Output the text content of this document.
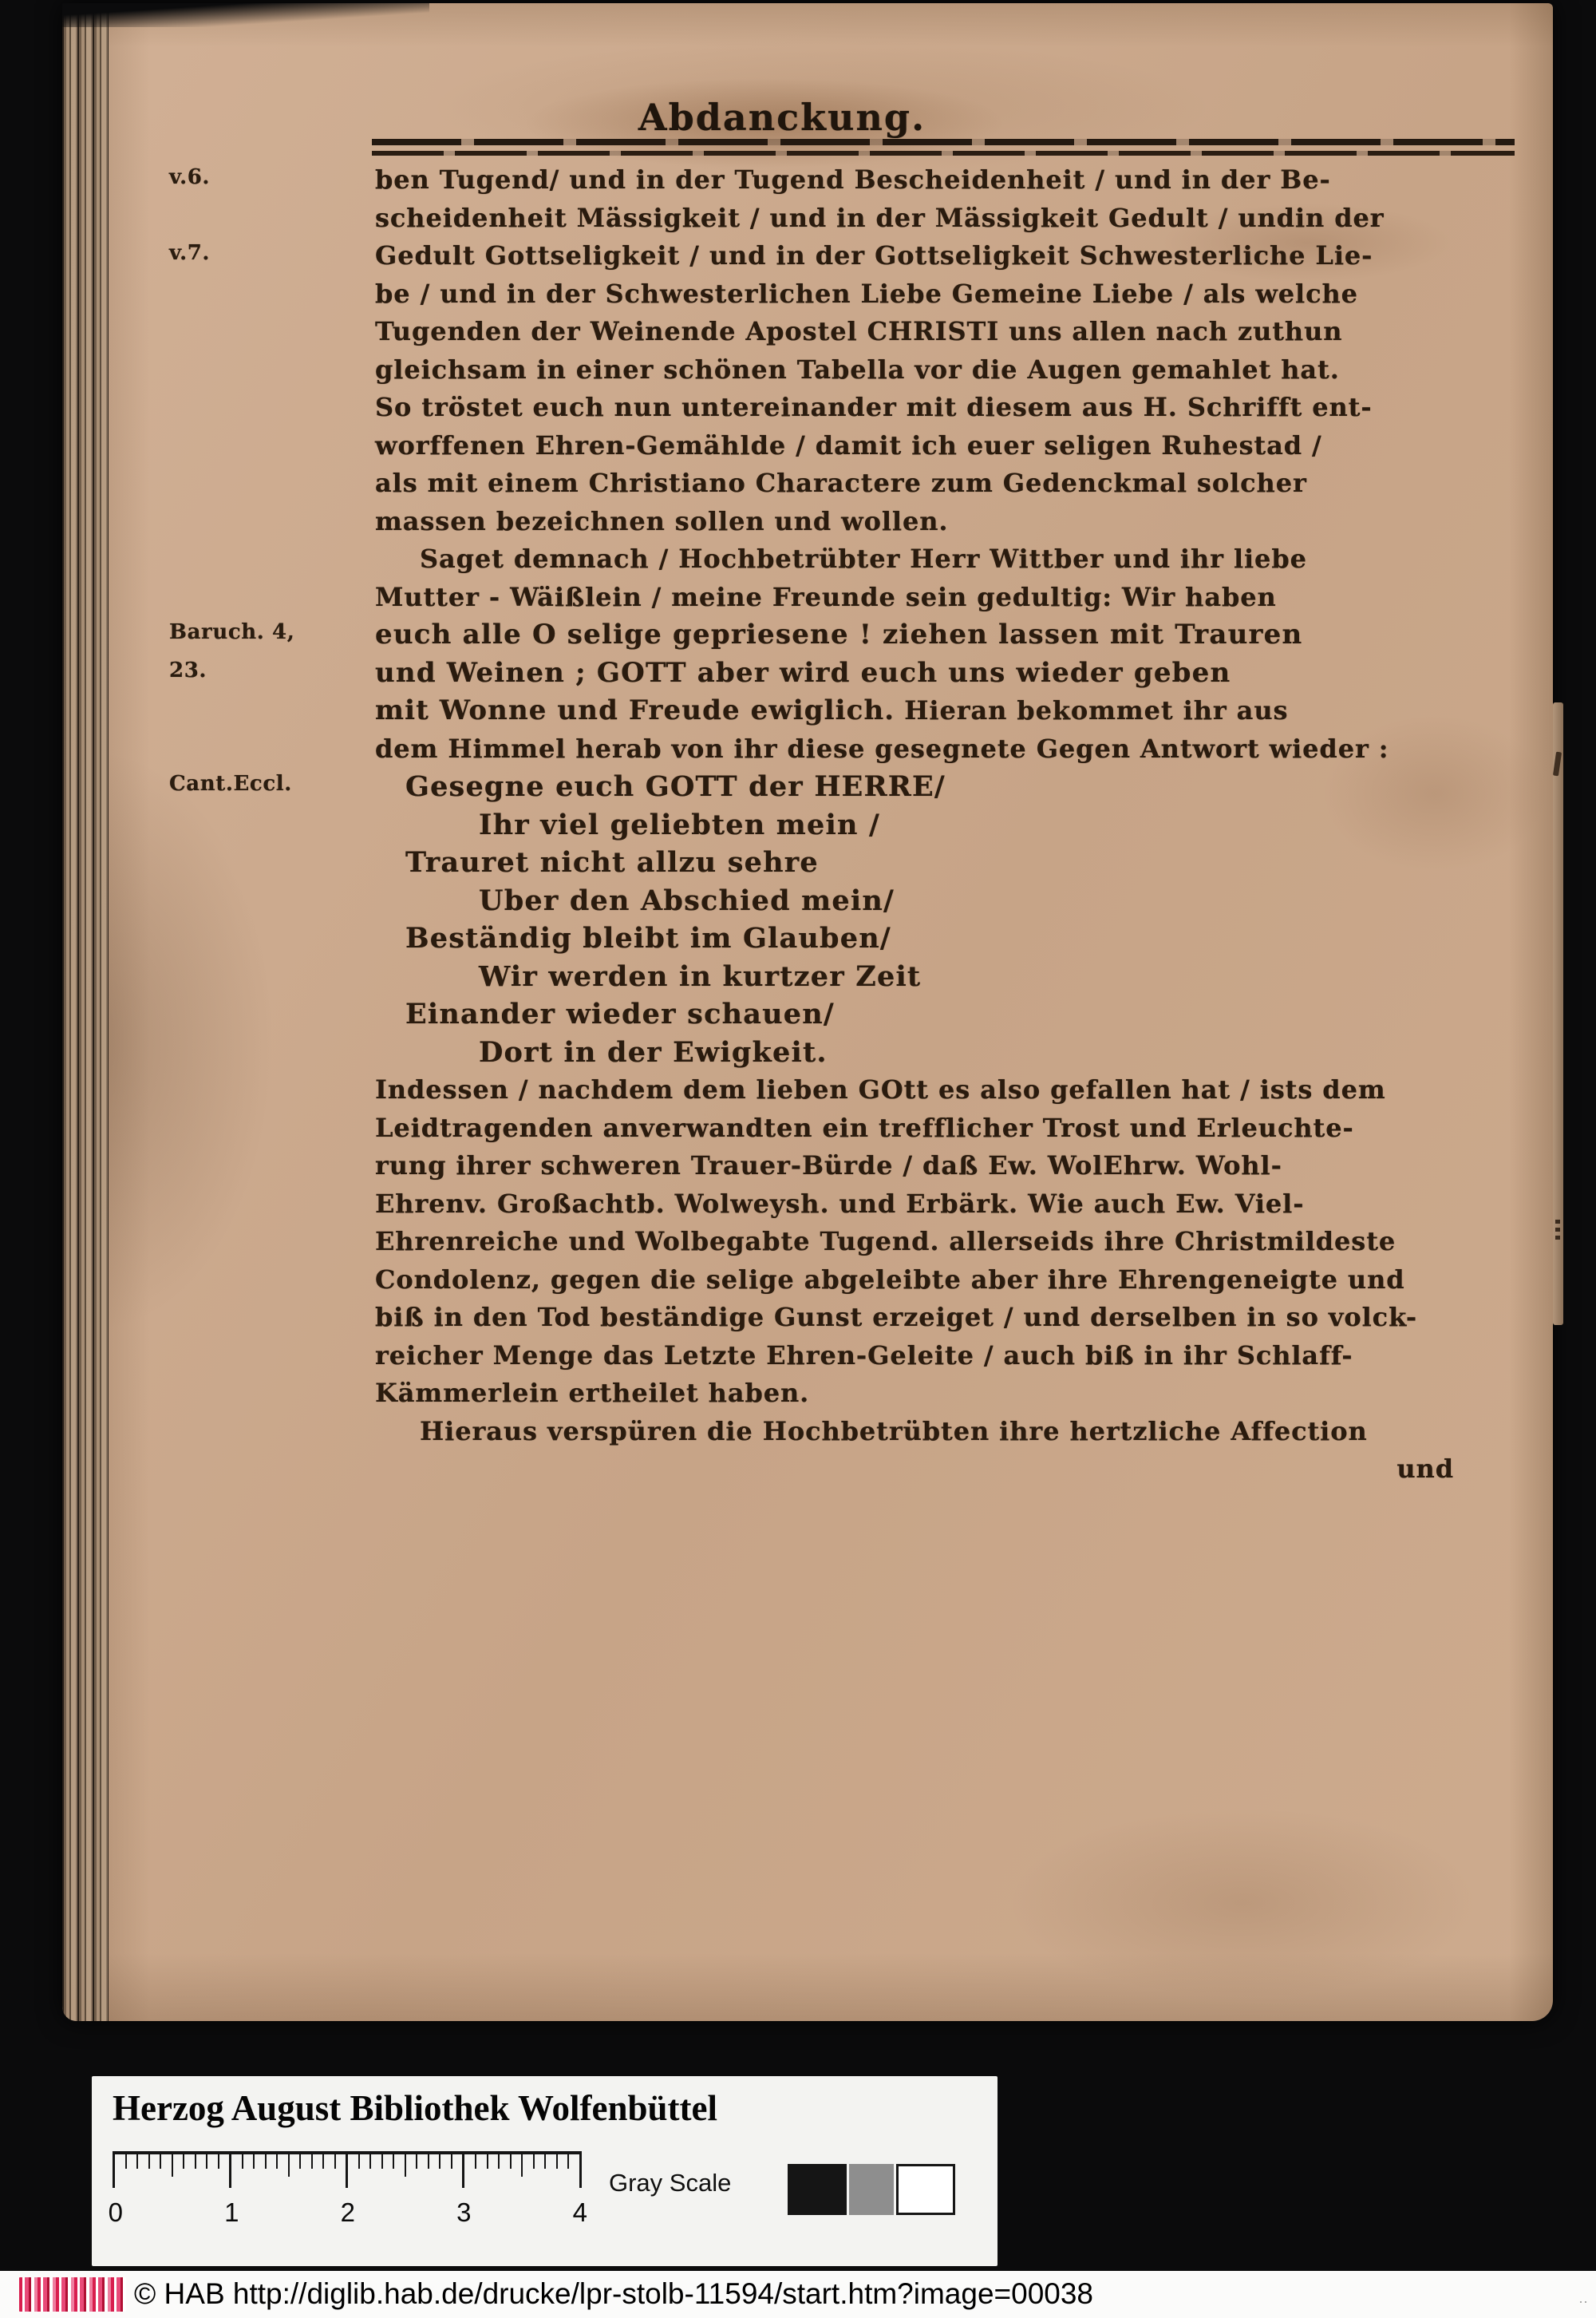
Abdanckung.
v.6.	ben Tugend/ und in der Tugend Bescheidenheit / und in der Be-
scheidenheit Mässigkeit / und in der Mässigkeit Gedult / undin der
v.7.	Gedult Gottseligkeit / und in der Gottseligkeit Schwesterliche Lie-
be / und in der Schwesterlichen Liebe Gemeine Liebe / als welche
Tugenden der Weinende Apostel CHRISTI uns allen nach zuthun
gleichsam in einer schönen Tabella vor die Augen gemahlet hat.
So tröstet euch nun untereinander mit diesem aus H. Schrifft ent-
worffenen Ehren-Gemählde / damit ich euer seligen Ruhestad /
als mit einem Christiano Charactere zum Gedenckmal solcher
massen bezeichnen sollen und wollen.
Saget demnach / Hochbetrübter Herr Wittber und ihr liebe
Mutter - Wäißlein / meine Freunde sein gedultig: Wir haben
Baruch. 4,	euch alle O selige gepriesene ! ziehen lassen mit Trauren
23.	und Weinen ; GOTT aber wird euch uns wieder geben
mit Wonne und Freude ewiglich. Hieran bekommet ihr aus
dem Himmel herab von ihr diese gesegnete Gegen Antwort wieder :
Cant.Eccl.	Gesegne euch GOTT der HERRE/
Ihr viel geliebten mein /
Trauret nicht allzu sehre
Uber den Abschied mein/
Beständig bleibt im Glauben/
Wir werden in kurtzer Zeit
Einander wieder schauen/
Dort in der Ewigkeit.
Indessen / nachdem dem lieben GOtt es also gefallen hat / ists dem
Leidtragenden anverwandten ein trefflicher Trost und Erleuchte-
rung ihrer schweren Trauer-Bürde / daß Ew. WolEhrw. Wohl-
Ehrenv. Großachtb. Wolweysh. und Erbärk. Wie auch Ew. Viel-
Ehrenreiche und Wolbegabte Tugend. allerseids ihre Christmildeste
Condolenz, gegen die selige abgeleibte aber ihre Ehrengeneigte und
biß in den Tod beständige Gunst erzeiget / und derselben in so volck-
reicher Menge das Letzte Ehren-Geleite / auch biß in ihr Schlaff-
Kämmerlein ertheilet haben.
Hieraus verspüren die Hochbetrübten ihre hertzliche Affection
und
Herzog August Bibliothek Wolfenbüttel
0	1	2	3	4
Gray Scale
© HAB http://diglib.hab.de/drucke/lpr-stolb-11594/start.htm?image=00038	··
